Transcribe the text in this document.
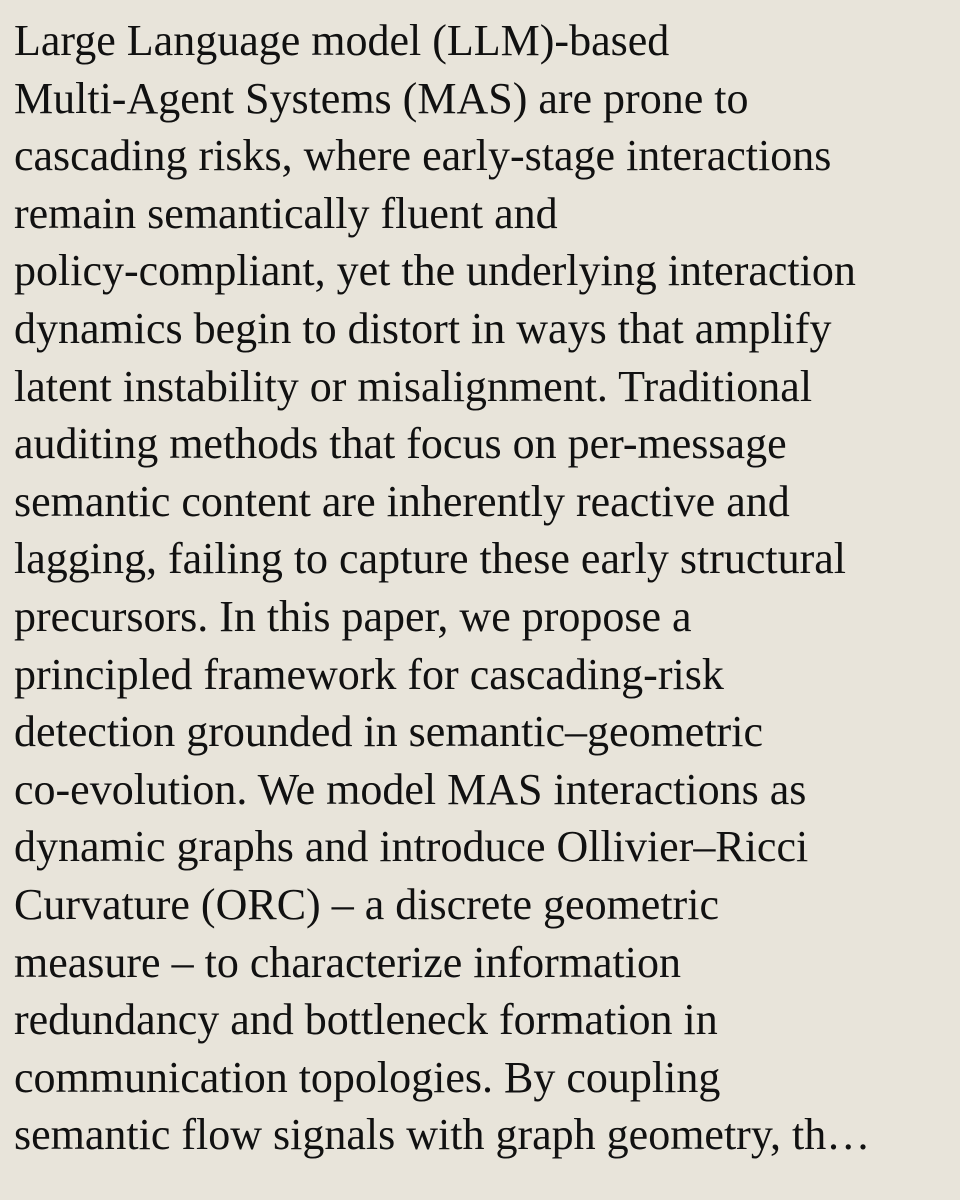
Large Language model (LLM)-based
Multi-Agent Systems (MAS) are prone to
cascading risks, where early-stage interactions
remain semantically fluent and
policy-compliant, yet the underlying interaction
dynamics begin to distort in ways that amplify
latent instability or misalignment. Traditional
auditing methods that focus on per-message
semantic content are inherently reactive and
lagging, failing to capture these early structural
precursors. In this paper, we propose a
principled framework for cascading-risk
detection grounded in semantic–geometric
co-evolution. We model MAS interactions as
dynamic graphs and introduce Ollivier–Ricci
Curvature (ORC) – a discrete geometric
measure – to characterize information
redundancy and bottleneck formation in
communication topologies. By coupling
semantic flow signals with graph geometry, th…
